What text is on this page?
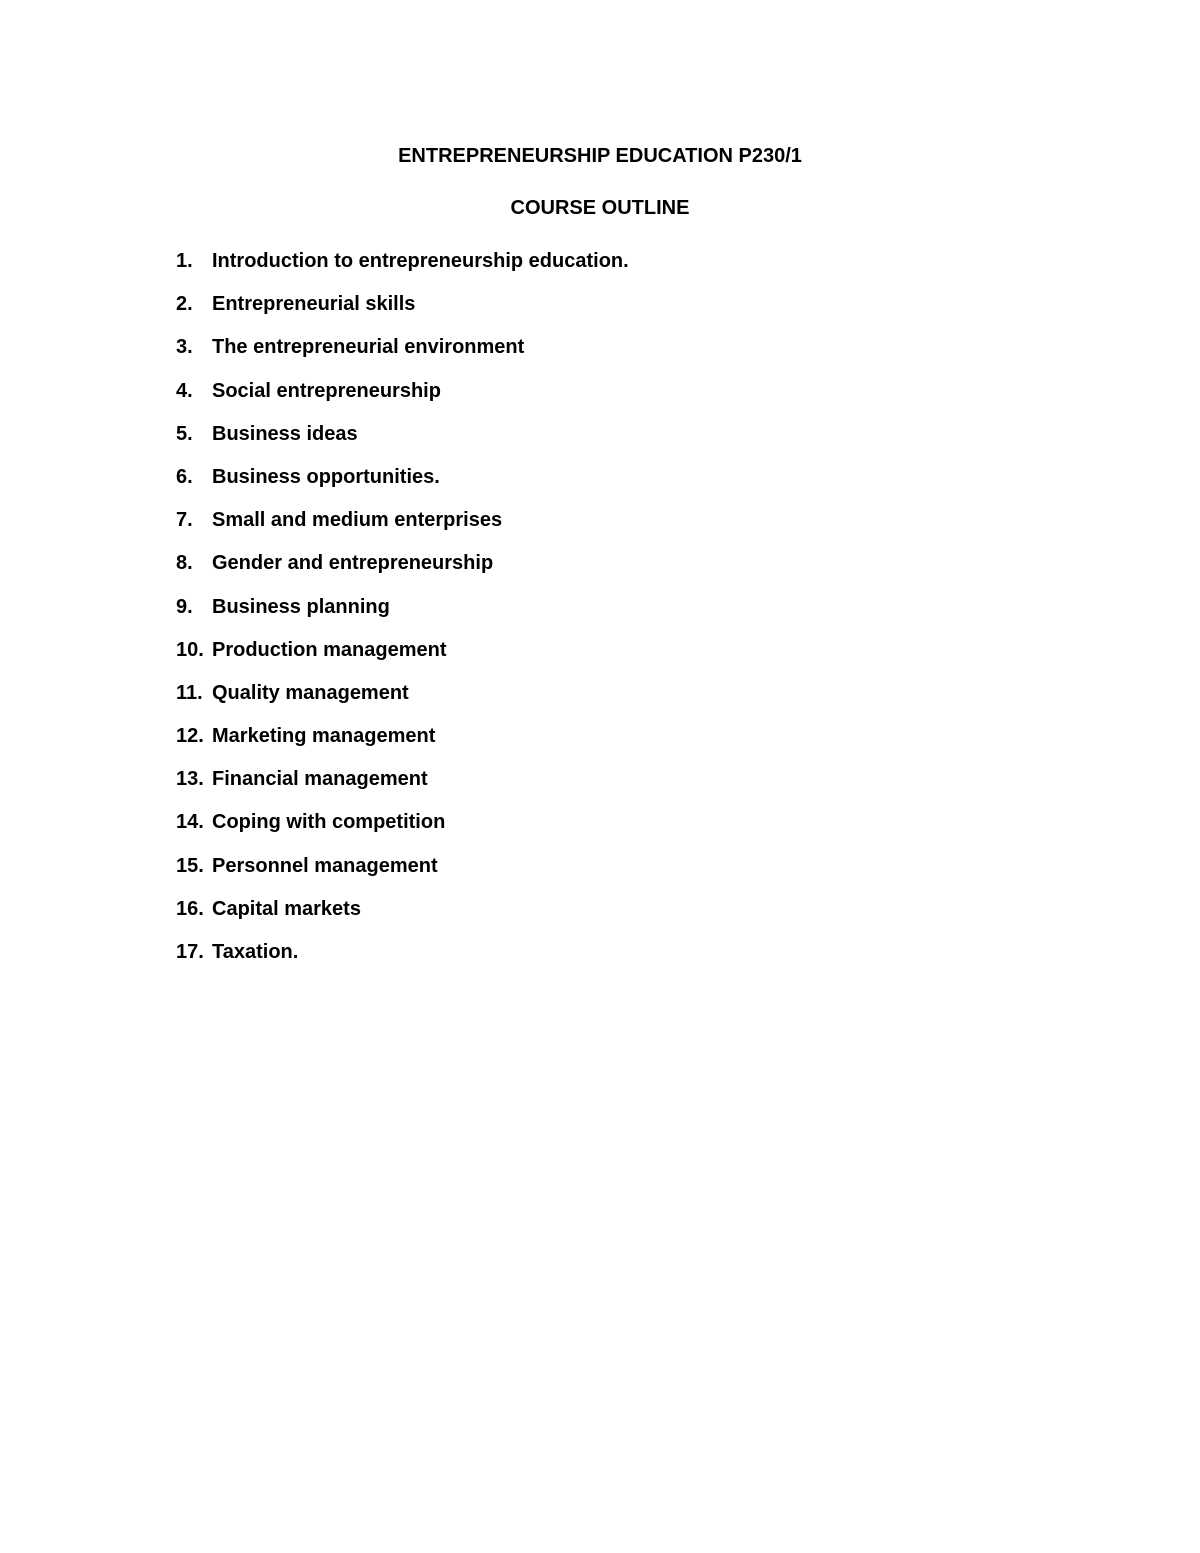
ENTREPRENEURSHIP EDUCATION P230/1
COURSE OUTLINE
1. Introduction to entrepreneurship education.
2. Entrepreneurial skills
3. The entrepreneurial environment
4. Social entrepreneurship
5. Business ideas
6. Business opportunities.
7. Small and medium enterprises
8. Gender and entrepreneurship
9. Business planning
10. Production management
11. Quality management
12. Marketing management
13. Financial management
14. Coping with competition
15. Personnel management
16. Capital markets
17. Taxation.
